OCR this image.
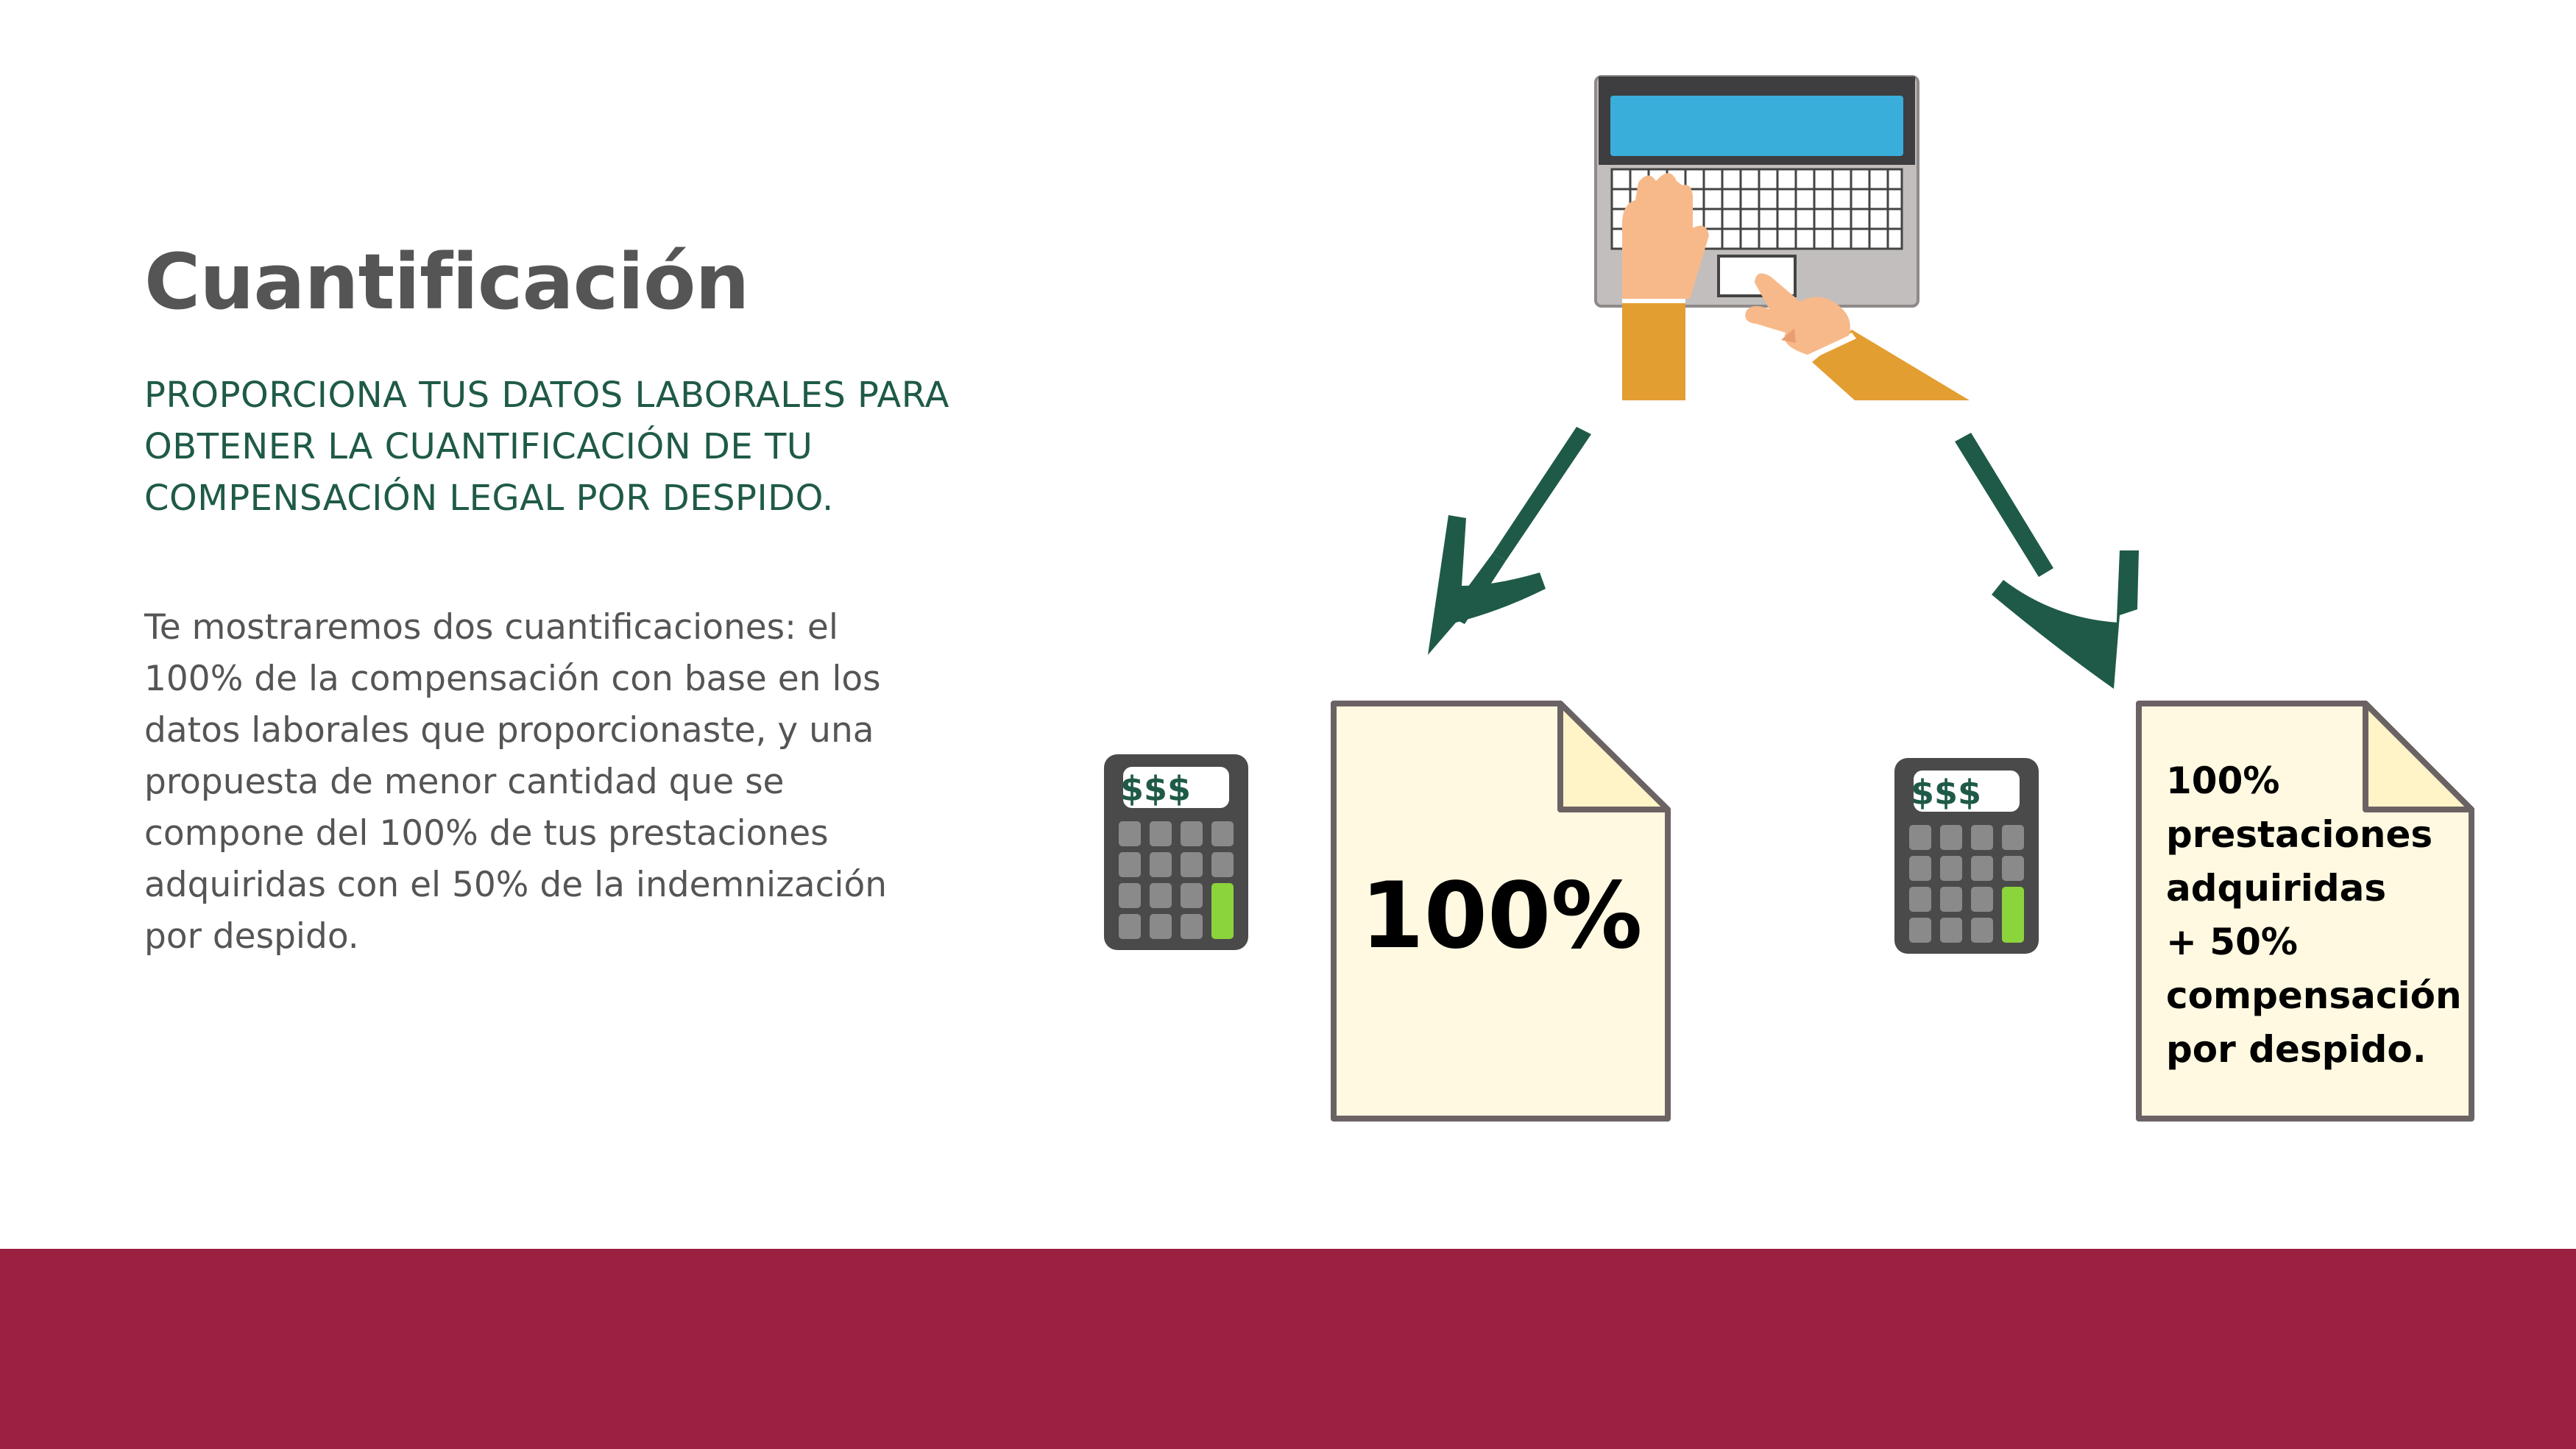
Cuantificación

PROPORCIONA TUS DATOS LABORALES PARA OBTENER LA CUANTIFICACIÓN DE TU COMPENSACIÓN LEGAL POR DESPIDO.

Te mostraremos dos cuantificaciones: el 100% de la compensación con base en los datos laborales que proporcionaste, y una propuesta de menor cantidad que se compone del 100% de tus prestaciones adquiridas con el 50% de la indemnización por despido.

$$$	$$$

100%

100%
prestaciones
adquiridas
+ 50%
compensación
por despido.
